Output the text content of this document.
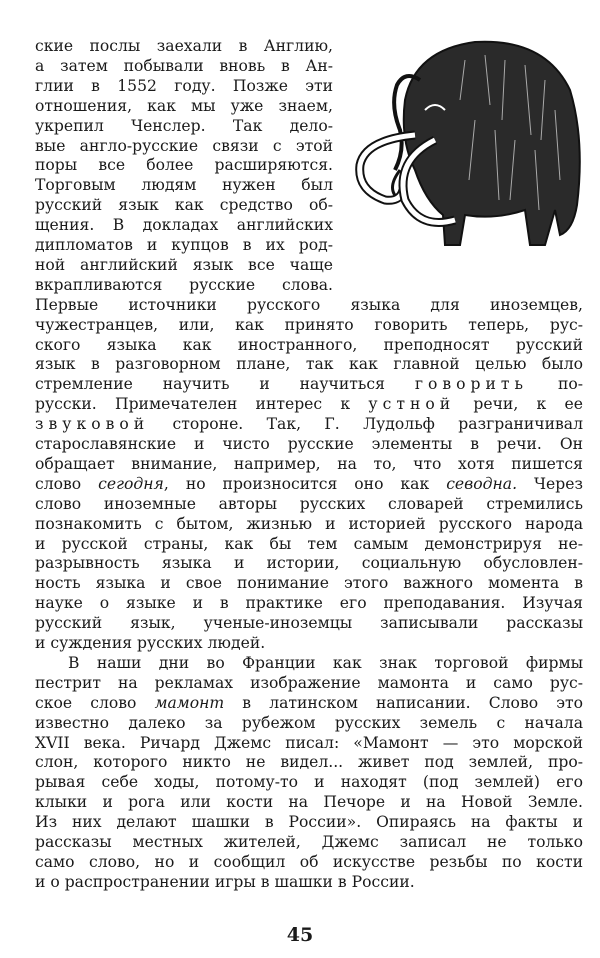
ские послы заехали в Англию,
а затем побывали вновь в Ан-
глии в 1552 году. Позже эти
отношения, как мы уже знаем,
укрепил Ченслер. Так дело-
вые англо-русские связи с этой
поры все более расширяются.
Торговым людям нужен был
русский язык как средство об-
щения. В докладах английских
дипломатов и купцов в их род-
ной английский язык все чаще
вкрапливаются русские слова.
Первые источники русского языка для иноземцев,
чужестранцев, или, как принято говорить теперь, рус-
ского языка как иностранного, преподносят русский
язык в разговорном плане, так как главной целью было
стремление научить и научиться говорить по-
русски. Примечателен интерес к устной речи, к ее
звуковой стороне. Так, Г. Лудольф разграничивал
старославянские и чисто русские элементы в речи. Он
обращает внимание, например, на то, что хотя пишется
слово сегодня, но произносится оно как севодна. Через
слово иноземные авторы русских словарей стремились
познакомить с бытом, жизнью и историей русского народа
и русской страны, как бы тем самым демонстрируя не-
разрывность языка и истории, социальную обусловлен-
ность языка и свое понимание этого важного момента в
науке о языке и в практике его преподавания. Изучая
русский язык, ученые-иноземцы записывали рассказы
и суждения русских людей.
В наши дни во Франции как знак торговой фирмы
пестрит на рекламах изображение мамонта и само рус-
ское слово мамонт в латинском написании. Слово это
известно далеко за рубежом русских земель с начала
XVII века. Ричард Джемс писал: «Мамонт — это морской
слон, которого никто не видел... живет под землей, про-
рывая себе ходы, потому-то и находят (под землей) его
клыки и рога или кости на Печоре и на Новой Земле.
Из них делают шашки в России». Опираясь на факты и
рассказы местных жителей, Джемс записал не только
само слово, но и сообщил об искусстве резьбы по кости
и о распространении игры в шашки в России.
45
